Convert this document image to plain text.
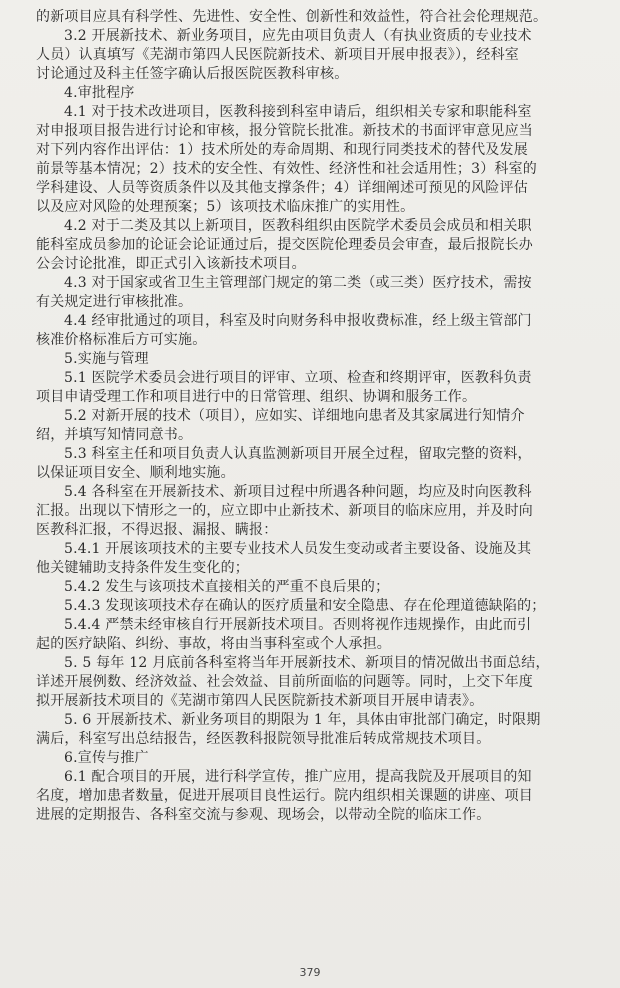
的新项目应具有科学性、先进性、安全性、创新性和效益性，符合社会伦理规范。
3.2 开展新技术、新业务项目，应先由项目负责人（有执业资质的专业技术
人员）认真填写《芜湖市第四人民医院新技术、新项目开展申报表》），经科室
讨论通过及科主任签字确认后报医院医教科审核。
4.审批程序
4.1 对于技术改进项目，医教科接到科室申请后，组织相关专家和职能科室
对申报项目报告进行讨论和审核，报分管院长批准。新技术的书面评审意见应当
对下列内容作出评估：1）技术所处的寿命周期、和现行同类技术的替代及发展
前景等基本情况；2）技术的安全性、有效性、经济性和社会适用性；3）科室的
学科建设、人员等资质条件以及其他支撑条件；4）详细阐述可预见的风险评估
以及应对风险的处理预案；5）该项技术临床推广的实用性。
4.2 对于二类及其以上新项目，医教科组织由医院学术委员会成员和相关职
能科室成员参加的论证会论证通过后，提交医院伦理委员会审查，最后报院长办
公会讨论批准，即正式引入该新技术项目。
4.3 对于国家或省卫生主管理部门规定的第二类（或三类）医疗技术，需按
有关规定进行审核批准。
4.4 经审批通过的项目，科室及时向财务科申报收费标准，经上级主管部门
核准价格标准后方可实施。
5.实施与管理
5.1 医院学术委员会进行项目的评审、立项、检查和终期评审，医教科负责
项目申请受理工作和项目进行中的日常管理、组织、协调和服务工作。
5.2 对新开展的技术（项目），应如实、详细地向患者及其家属进行知情介
绍，并填写知情同意书。
5.3 科室主任和项目负责人认真监测新项目开展全过程，留取完整的资料，
以保证项目安全、顺利地实施。
5.4 各科室在开展新技术、新项目过程中所遇各种问题，均应及时向医教科
汇报。出现以下情形之一的，应立即中止新技术、新项目的临床应用，并及时向
医教科汇报，不得迟报、漏报、瞒报：
5.4.1 开展该项技术的主要专业技术人员发生变动或者主要设备、设施及其
他关键辅助支持条件发生变化的；
5.4.2 发生与该项技术直接相关的严重不良后果的；
5.4.3 发现该项技术存在确认的医疗质量和安全隐患、存在伦理道德缺陷的；
5.4.4 严禁未经审核自行开展新技术项目。否则将视作违规操作，由此而引
起的医疗缺陷、纠纷、事故，将由当事科室或个人承担。
5. 5 每年 12 月底前各科室将当年开展新技术、新项目的情况做出书面总结，
详述开展例数、经济效益、社会效益、目前所面临的问题等。同时，上交下年度
拟开展新技术项目的《芜湖市第四人民医院新技术新项目开展申请表》。
5. 6 开展新技术、新业务项目的期限为 1 年，具体由审批部门确定，时限期
满后，科室写出总结报告，经医教科报院领导批准后转成常规技术项目。
6.宣传与推广
6.1 配合项目的开展，进行科学宣传，推广应用，提高我院及开展项目的知
名度，增加患者数量，促进开展项目良性运行。院内组织相关课题的讲座、项目
进展的定期报告、各科室交流与参观、现场会，以带动全院的临床工作。
379
